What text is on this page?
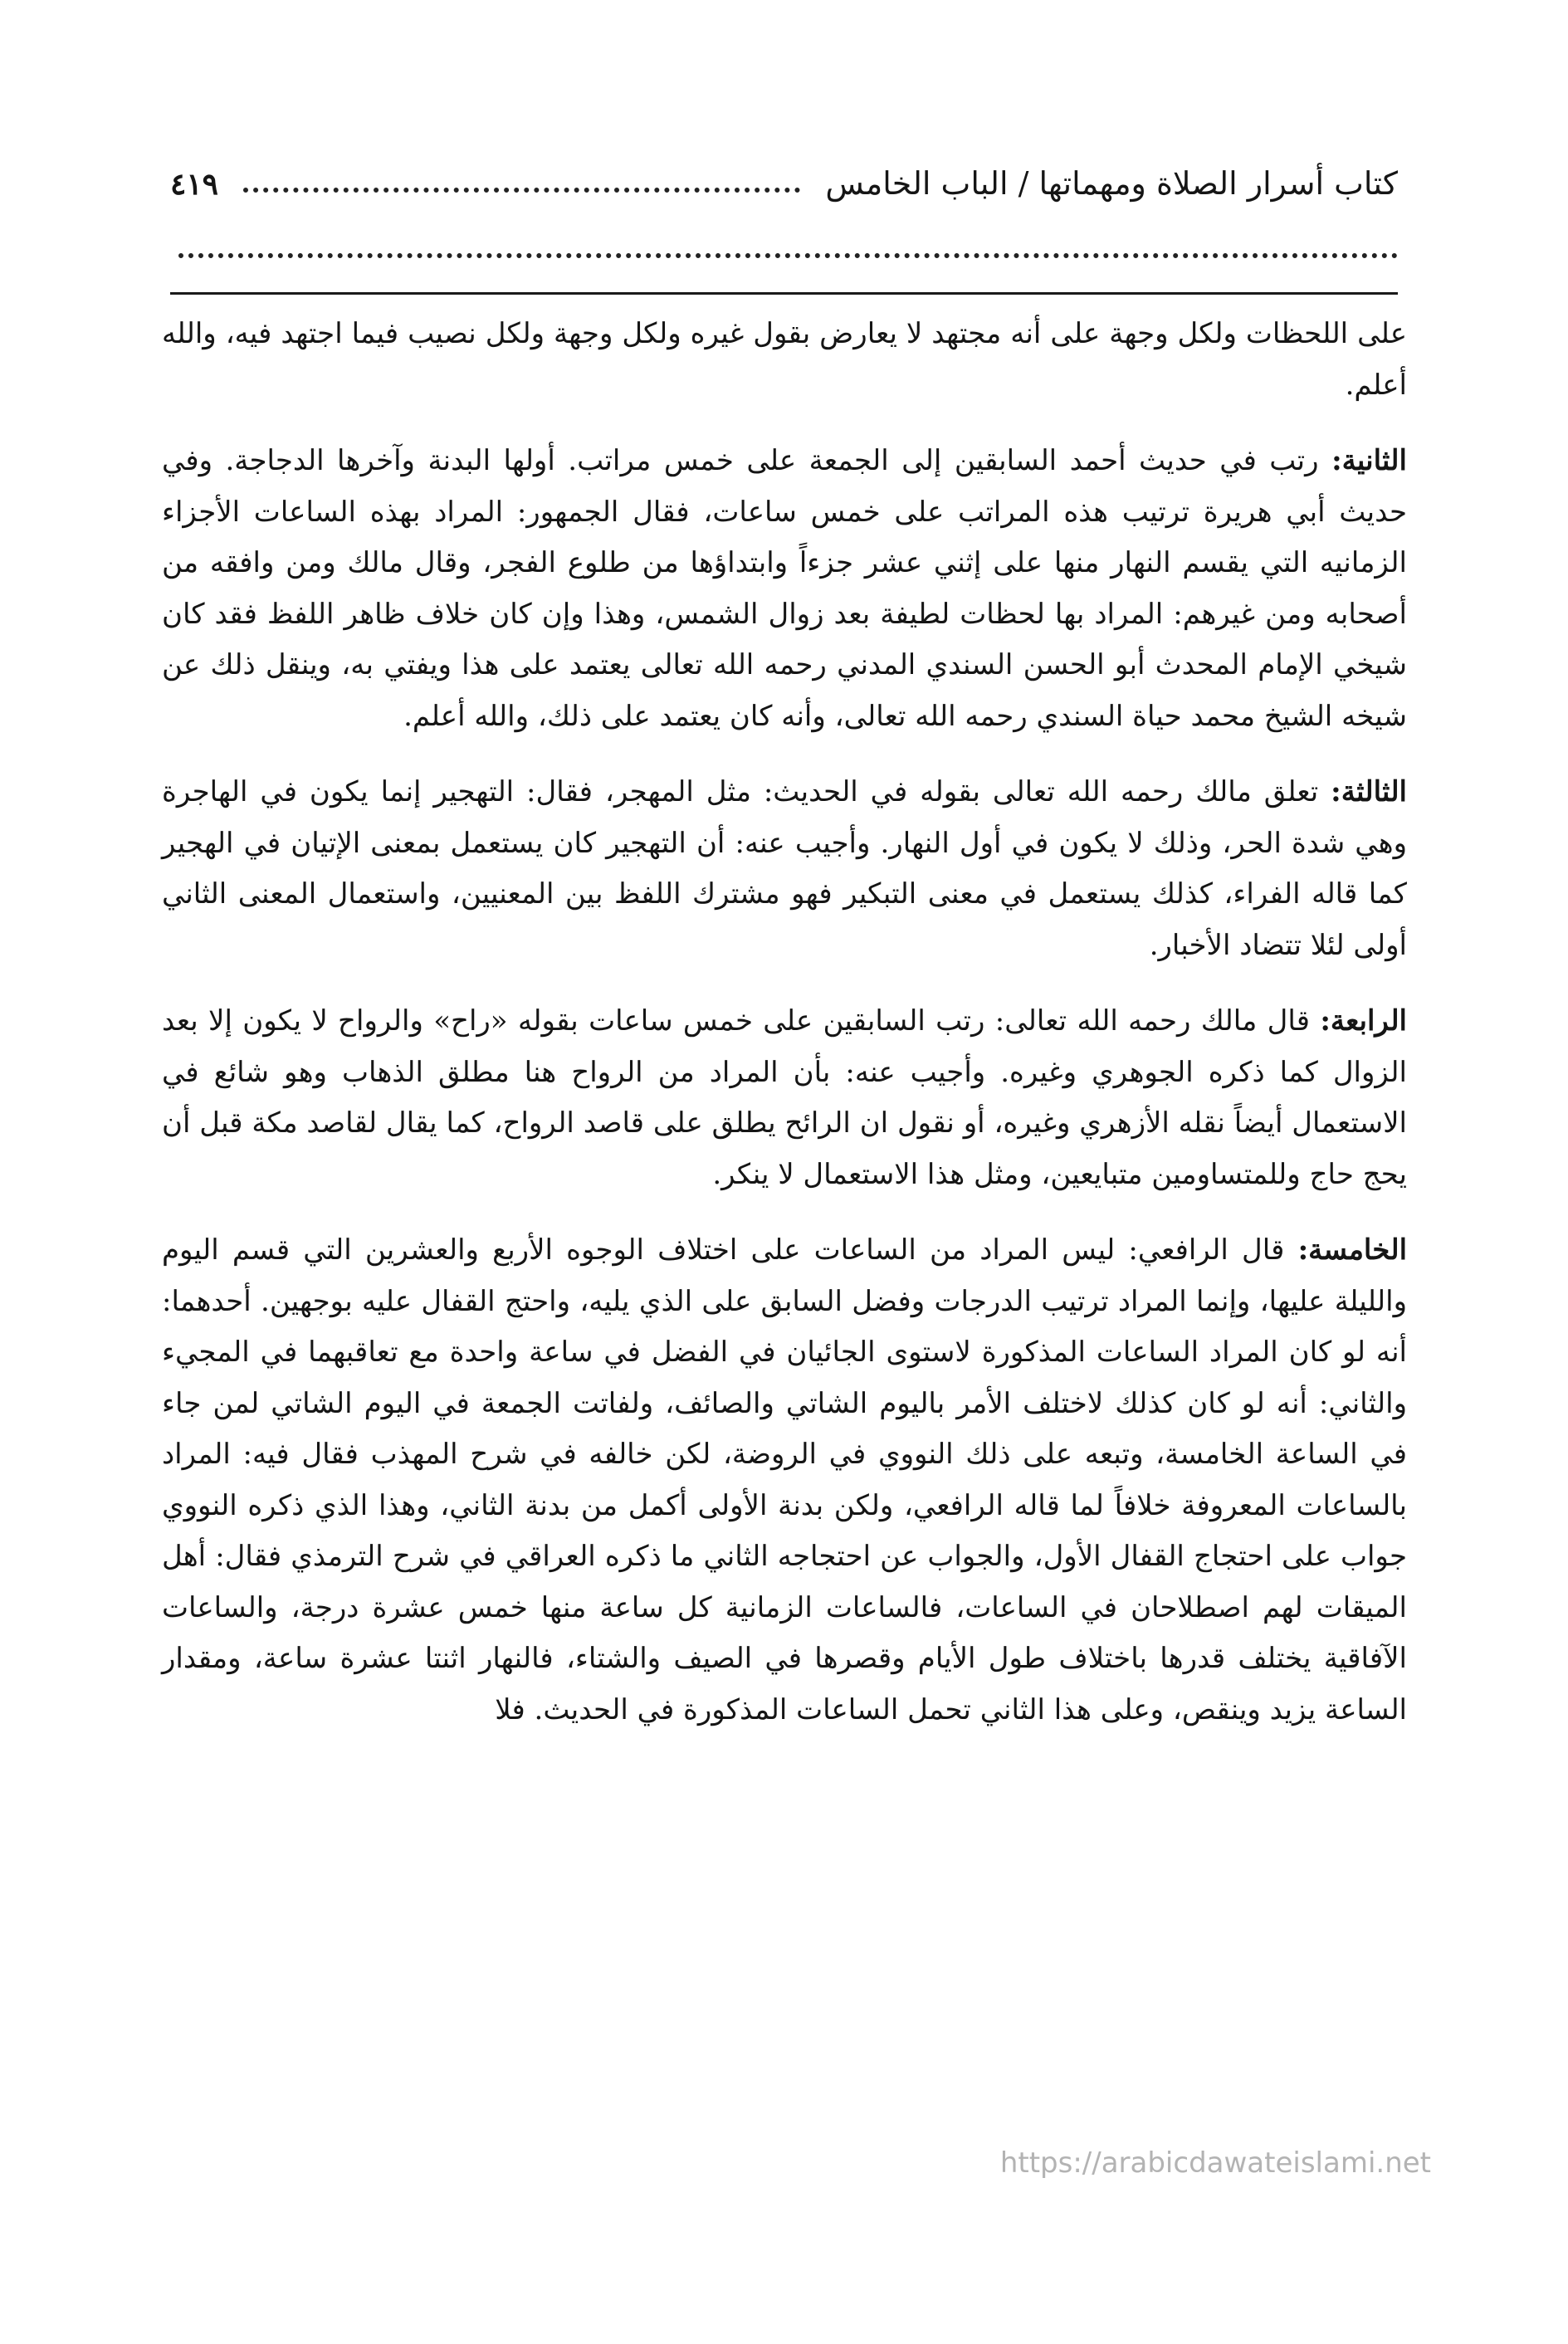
كتاب أسرار الصلاة ومهماتها / الباب الخامس
٤١٩

على اللحظات ولكل وجهة على أنه مجتهد لا يعارض بقول غيره ولكل وجهة ولكل نصيب فيما اجتهد فيه، والله أعلم.

الثانية: رتب في حديث أحمد السابقين إلى الجمعة على خمس مراتب. أولها البدنة وآخرها الدجاجة. وفي حديث أبي هريرة ترتيب هذه المراتب على خمس ساعات، فقال الجمهور: المراد بهذه الساعات الأجزاء الزمانيه التي يقسم النهار منها على إثني عشر جزءاً وابتداؤها من طلوع الفجر، وقال مالك ومن وافقه من أصحابه ومن غيرهم: المراد بها لحظات لطيفة بعد زوال الشمس، وهذا وإن كان خلاف ظاهر اللفظ فقد كان شيخي الإمام المحدث أبو الحسن السندي المدني رحمه الله تعالى يعتمد على هذا ويفتي به، وينقل ذلك عن شيخه الشيخ محمد حياة السندي رحمه الله تعالى، وأنه كان يعتمد على ذلك، والله أعلم.

الثالثة: تعلق مالك رحمه الله تعالى بقوله في الحديث: مثل المهجر، فقال: التهجير إنما يكون في الهاجرة وهي شدة الحر، وذلك لا يكون في أول النهار. وأجيب عنه: أن التهجير كان يستعمل بمعنى الإتيان في الهجير كما قاله الفراء، كذلك يستعمل في معنى التبكير فهو مشترك اللفظ بين المعنيين، واستعمال المعنى الثاني أولى لئلا تتضاد الأخبار.

الرابعة: قال مالك رحمه الله تعالى: رتب السابقين على خمس ساعات بقوله «راح» والرواح لا يكون إلا بعد الزوال كما ذكره الجوهري وغيره. وأجيب عنه: بأن المراد من الرواح هنا مطلق الذهاب وهو شائع في الاستعمال أيضاً نقله الأزهري وغيره، أو نقول ان الرائح يطلق على قاصد الرواح، كما يقال لقاصد مكة قبل أن يحج حاج وللمتساومين متبايعين، ومثل هذا الاستعمال لا ينكر.

الخامسة: قال الرافعي: ليس المراد من الساعات على اختلاف الوجوه الأربع والعشرين التي قسم اليوم والليلة عليها، وإنما المراد ترتيب الدرجات وفضل السابق على الذي يليه، واحتج القفال عليه بوجهين. أحدهما: أنه لو كان المراد الساعات المذكورة لاستوى الجائيان في الفضل في ساعة واحدة مع تعاقبهما في المجيء والثاني: أنه لو كان كذلك لاختلف الأمر باليوم الشاتي والصائف، ولفاتت الجمعة في اليوم الشاتي لمن جاء في الساعة الخامسة، وتبعه على ذلك النووي في الروضة، لكن خالفه في شرح المهذب فقال فيه: المراد بالساعات المعروفة خلافاً لما قاله الرافعي، ولكن بدنة الأولى أكمل من بدنة الثاني، وهذا الذي ذكره النووي جواب على احتجاج القفال الأول، والجواب عن احتجاجه الثاني ما ذكره العراقي في شرح الترمذي فقال: أهل الميقات لهم اصطلاحان في الساعات، فالساعات الزمانية كل ساعة منها خمس عشرة درجة، والساعات الآفاقية يختلف قدرها باختلاف طول الأيام وقصرها في الصيف والشتاء، فالنهار اثنتا عشرة ساعة، ومقدار الساعة يزيد وينقص، وعلى هذا الثاني تحمل الساعات المذكورة في الحديث. فلا

https://arabicdawateislami.net
